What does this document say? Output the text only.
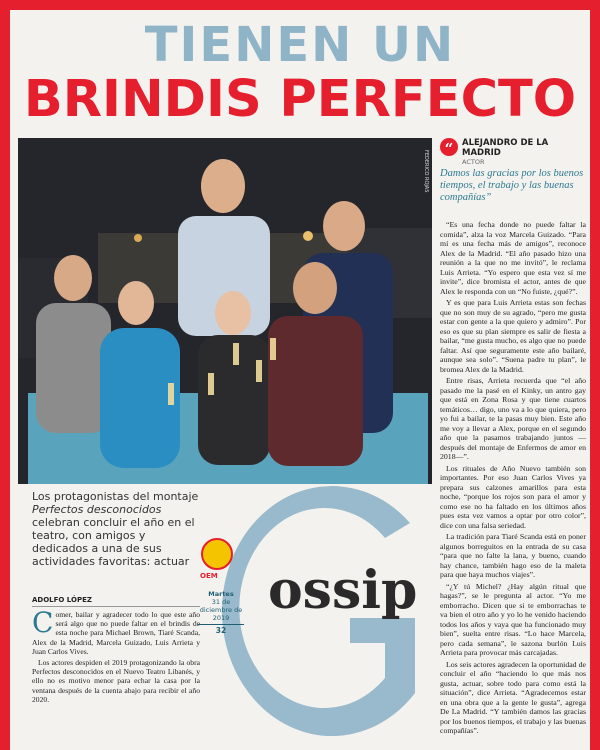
TIENEN UN
BRINDIS PERFECTO
FEDERICO ROJAS
“	ALEJANDRO DE LA MADRID
ACTOR
Damos las gracias por los buenos tiempos, el trabajo y las buenas compañías”

“Es una fecha donde no puede faltar la comida”, alza la voz Marcela Guizado. “Para mí es una fecha más de amigos”, reconoce Alex de la Madrid. “El año pasado hizo una reunión a la que no me invitó”, le reclama Luis Arrieta. “Yo espero que esta vez sí me invite”, dice bromista el actor, antes de que Alex le responda con un “No fuiste, ¿qué?”.

Y es que para Luis Arrieta estas son fechas que no son muy de su agrado, “pero me gusta estar con gente a la que quiero y admiro”. Por eso es que su plan siempre es salir de fiesta a bailar, “me gusta mucho, es algo que no puede faltar. Así que seguramente este año bailaré, aunque sea solo”. “Suena padre tu plan”, le bromea Alex de la Madrid.

Entre risas, Arrieta recuerda que “el año pasado me la pasé en el Kinky, un antro gay que está en Zona Rosa y que tiene cuartos temáticos… digo, uno va a lo que quiera, pero yo fui a bailar, te la pasas muy bien. Este año me voy a llevar a Alex, porque en el segundo año que la pasamos trabajando juntos —después del montaje de Enfermos de amor en 2018—”.

Los rituales de Año Nuevo también son importantes. Por eso Juan Carlos Vives ya prepara sus calzones amarillos para esta noche, “porque los rojos son para el amor y como ese no ha faltado en los últimos años pues esta vez vamos a optar por otro color”, dice con una falsa seriedad.

La tradición para Tiaré Scanda está en poner algunos borreguitos en la entrada de su casa “para que no falte la lana, y bueno, cuando hay chance, también hago eso de la maleta para que haya muchos viajes”.

“¿Y tú Michel? ¿Hay algún ritual que hagas?”, se le pregunta al actor. “Yo me emborracho. Dicen que si te emborrachas te va bien el otro año y yo lo he venido haciendo todos los años y vaya que ha funcionado muy bien”, suelta entre risas. “Lo hace Marcela, pero cada semana”, le sazona burlón Luis Arrieta para provocar más carcajadas.

Los seis actores agradecen la oportunidad de concluir el año “haciendo lo que más nos gusta, actuar, sobre todo para como está la situación”, dice Arrieta. “Agradecemos estar en una obra que a la gente le gusta”, agrega De La Madrid. “Y también damos las gracias por los buenos tiempos, el trabajo y las buenas compañías”.

Los protagonistas del montaje Perfectos desconocidos celebran concluir el año en el teatro, con amigos y dedicados a una de sus actividades favoritas: actuar
ADOLFO LÓPEZ

Comer, bailar y agradecer todo lo que este año será algo que no puede faltar en el brindis de esta noche para Michael Brown, Tiaré Scanda, Alex de la Madrid, Marcela Guizado, Luis Arrieta y Juan Carlos Vives.

Los actores despiden el 2019 protagonizando la obra Perfectos desconocidos en el Nuevo Teatro Libanés, y ello no es motivo menor para echar la casa por la ventana después de la cuenta abajo para recibir el año 2020.

ossip
OEM
Martes
31 de diciembre de 2019
32
